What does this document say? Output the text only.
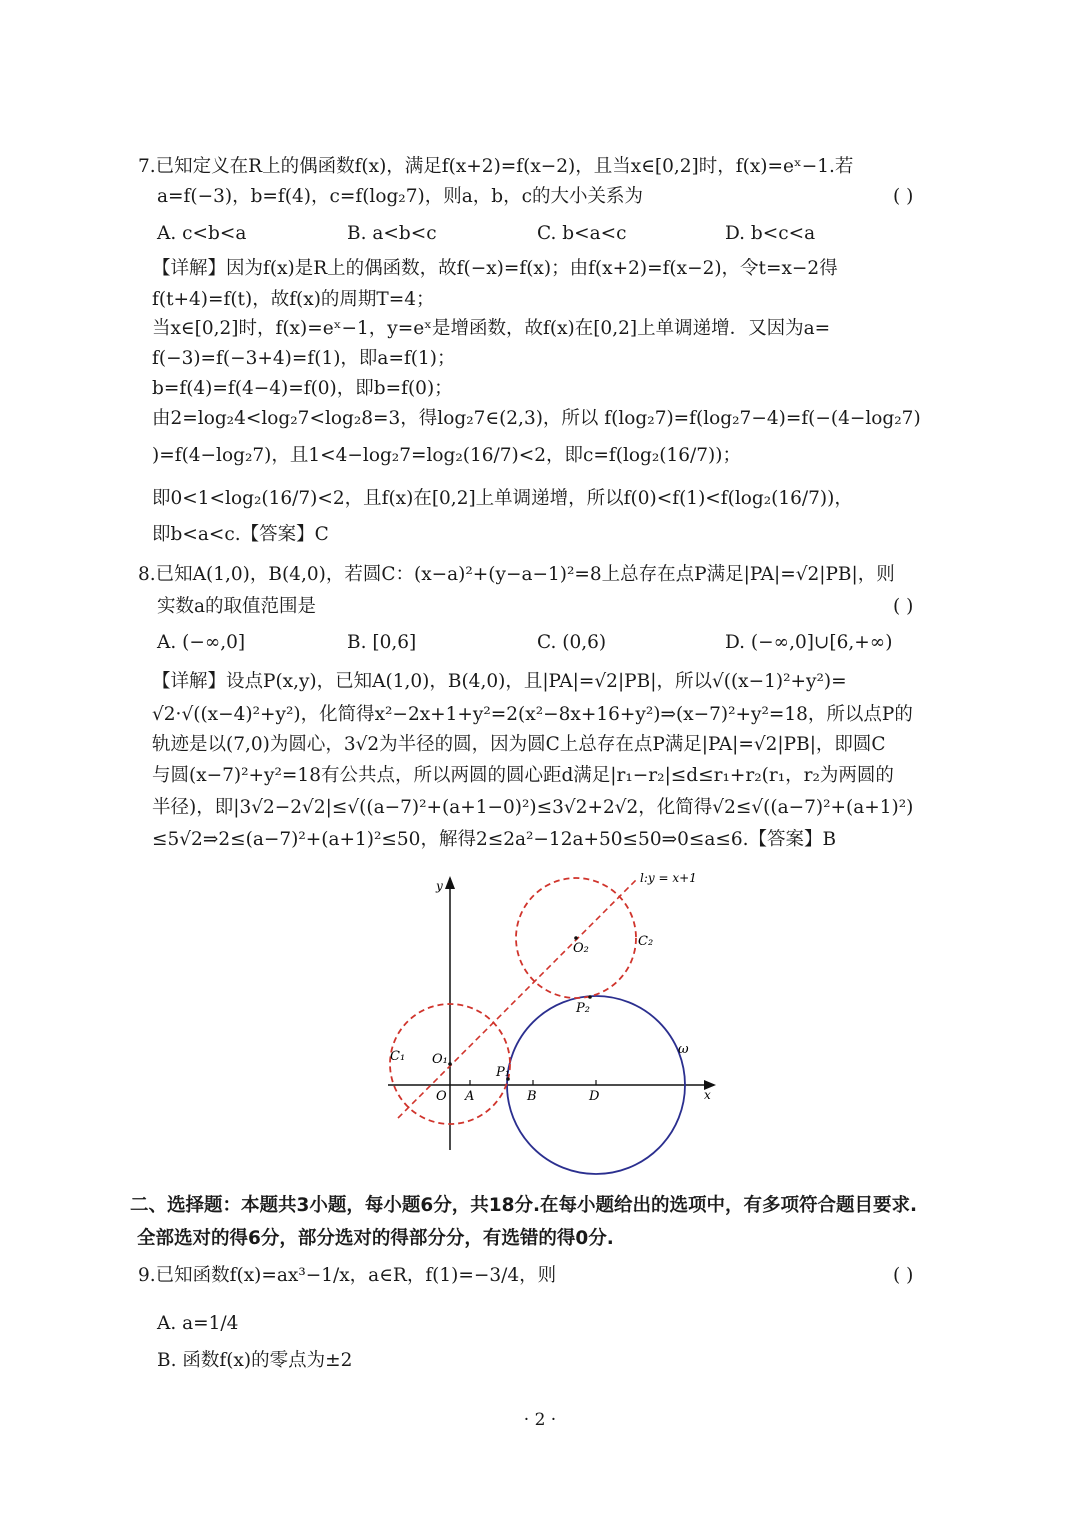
7.已知定义在R上的偶函数f(x)，满足f(x+2)=f(x−2)，且当x∈[0,2]时，f(x)=eˣ−1.若
a=f(−3)，b=f(4)，c=f(log₂7)，则a，b，c的大小关系为	( )
A. c<b<a	B. a<b<c	C. b<a<c	D. b<c<a
【详解】因为f(x)是R上的偶函数，故f(−x)=f(x)；由f(x+2)=f(x−2)，令t=x−2得
f(t+4)=f(t)，故f(x)的周期T=4；
当x∈[0,2]时，f(x)=eˣ−1，y=eˣ是增函数，故f(x)在[0,2]上单调递增．又因为a=
f(−3)=f(−3+4)=f(1)，即a=f(1)；
b=f(4)=f(4−4)=f(0)，即b=f(0)；
由2=log₂4<log₂7<log₂8=3，得log₂7∈(2,3)，所以 f(log₂7)=f(log₂7−4)=f(−(4−log₂7)
)=f(4−log₂7)，且1<4−log₂7=log₂(16/7)<2，即c=f(log₂(16/7))；
即0<1<log₂(16/7)<2，且f(x)在[0,2]上单调递增，所以f(0)<f(1)<f(log₂(16/7))，
即b<a<c.【答案】C
8.已知A(1,0)，B(4,0)，若圆C：(x−a)²+(y−a−1)²=8上总存在点P满足|PA|=√2|PB|，则
实数a的取值范围是	( )
A. (−∞,0]	B. [0,6]	C. (0,6)	D. (−∞,0]∪[6,+∞)
【详解】设点P(x,y)，已知A(1,0)，B(4,0)，且|PA|=√2|PB|，所以√((x−1)²+y²)=
√2·√((x−4)²+y²)，化简得x²−2x+1+y²=2(x²−8x+16+y²)⇒(x−7)²+y²=18，所以点P的
轨迹是以(7,0)为圆心，3√2为半径的圆，因为圆C上总存在点P满足|PA|=√2|PB|，即圆C
与圆(x−7)²+y²=18有公共点，所以两圆的圆心距d满足|r₁−r₂|≤d≤r₁+r₂(r₁，r₂为两圆的
半径)，即|3√2−2√2|≤√((a−7)²+(a+1−0)²)≤3√2+2√2，化简得√2≤√((a−7)²+(a+1)²)
≤5√2⇒2≤(a−7)²+(a+1)²≤50，解得2≤2a²−12a+50≤50⇒0≤a≤6.【答案】B
y
x
O A	B	D
O₁
O₂
C₁
C₂
P₁
P₂
ω
l:y = x+1
二、选择题：本题共3小题，每小题6分，共18分.在每小题给出的选项中，有多项符合题目要求.
全部选对的得6分，部分选对的得部分分，有选错的得0分.
9.已知函数f(x)=ax³−1/x，a∈R，f(1)=−3/4，则	( )
A. a=1/4
B. 函数f(x)的零点为±2
· 2 ·
